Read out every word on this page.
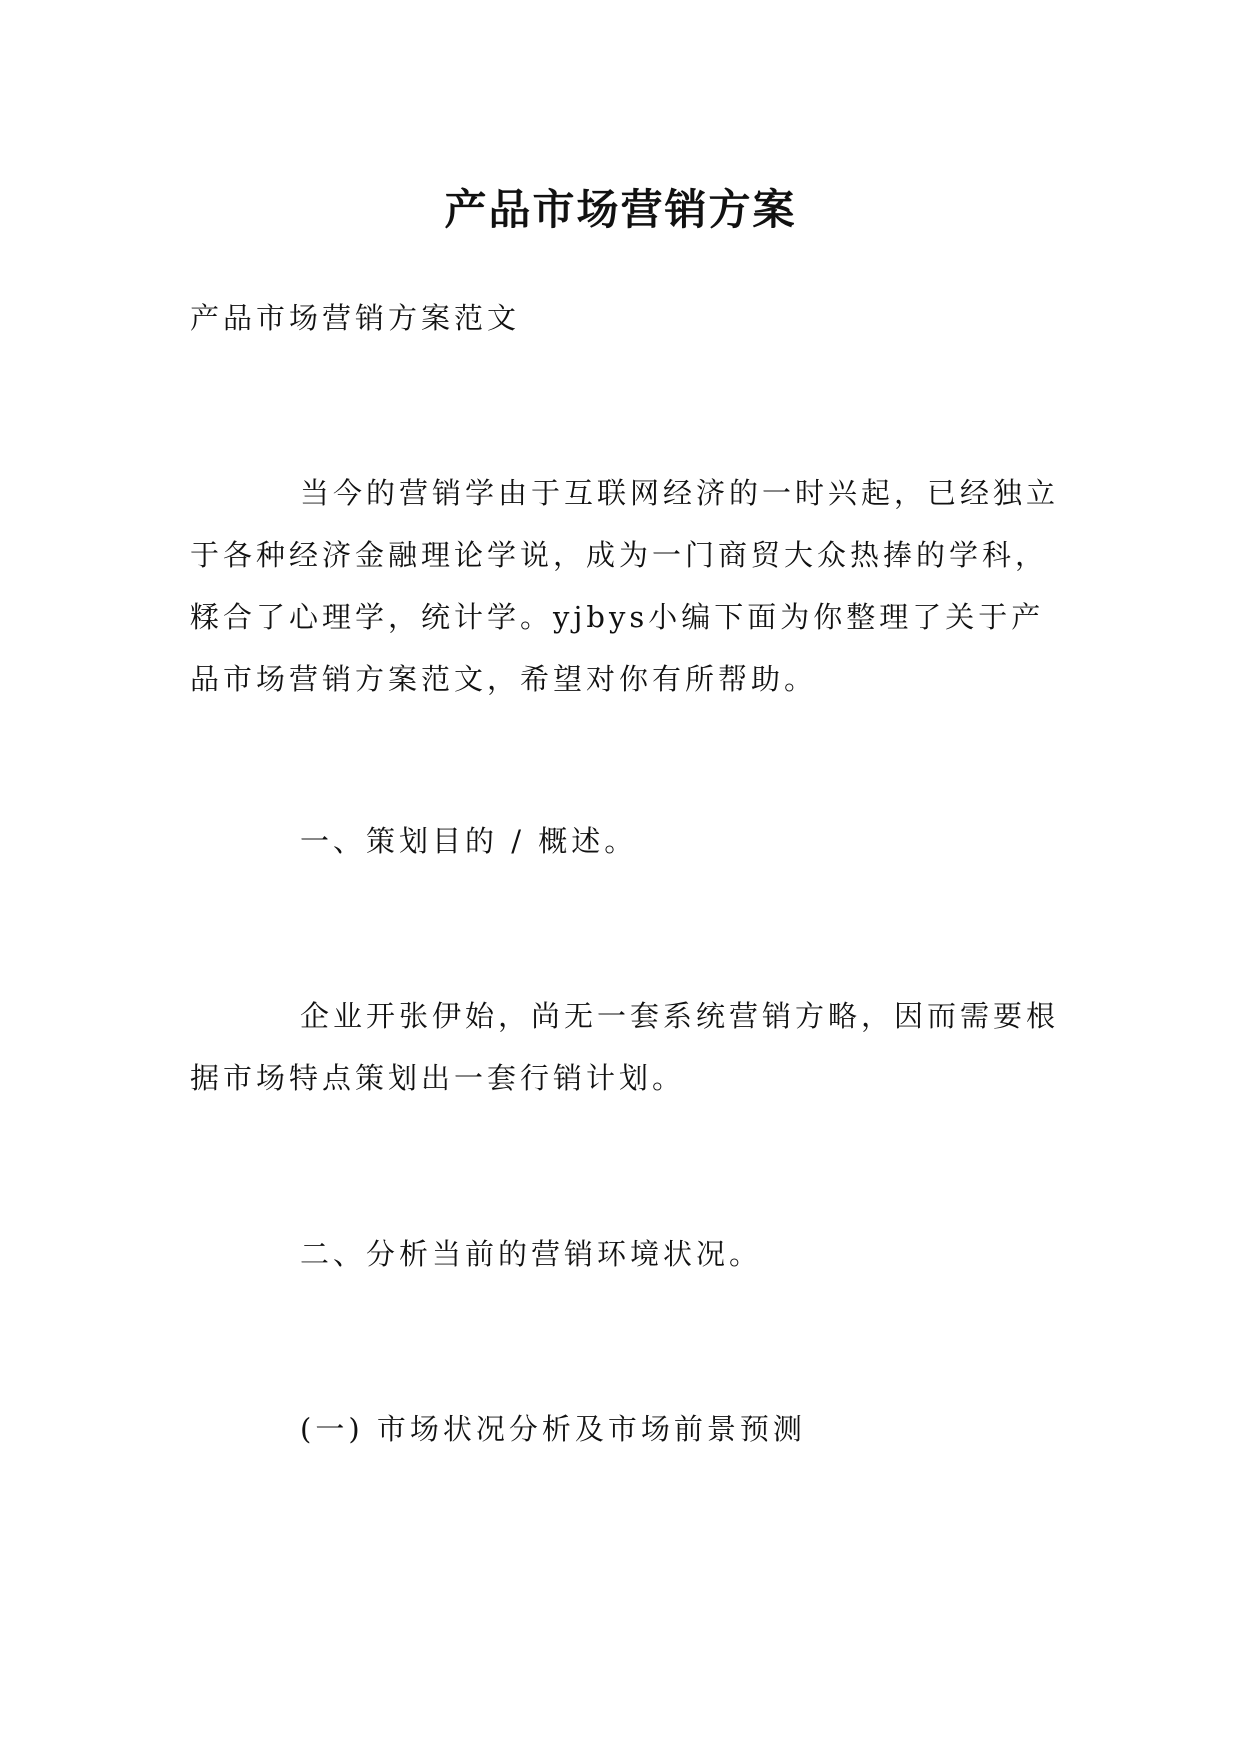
产品市场营销方案

产品市场营销方案范文

当今的营销学由于互联网经济的一时兴起，已经独立于各种经济金融理论学说，成为一门商贸大众热捧的学科，糅合了心理学，统计学。yjbys小编下面为你整理了关于产品市场营销方案范文，希望对你有所帮助。

一、策划目的 / 概述。

企业开张伊始，尚无一套系统营销方略，因而需要根据市场特点策划出一套行销计划。

二、分析当前的营销环境状况。

(一) 市场状况分析及市场前景预测
